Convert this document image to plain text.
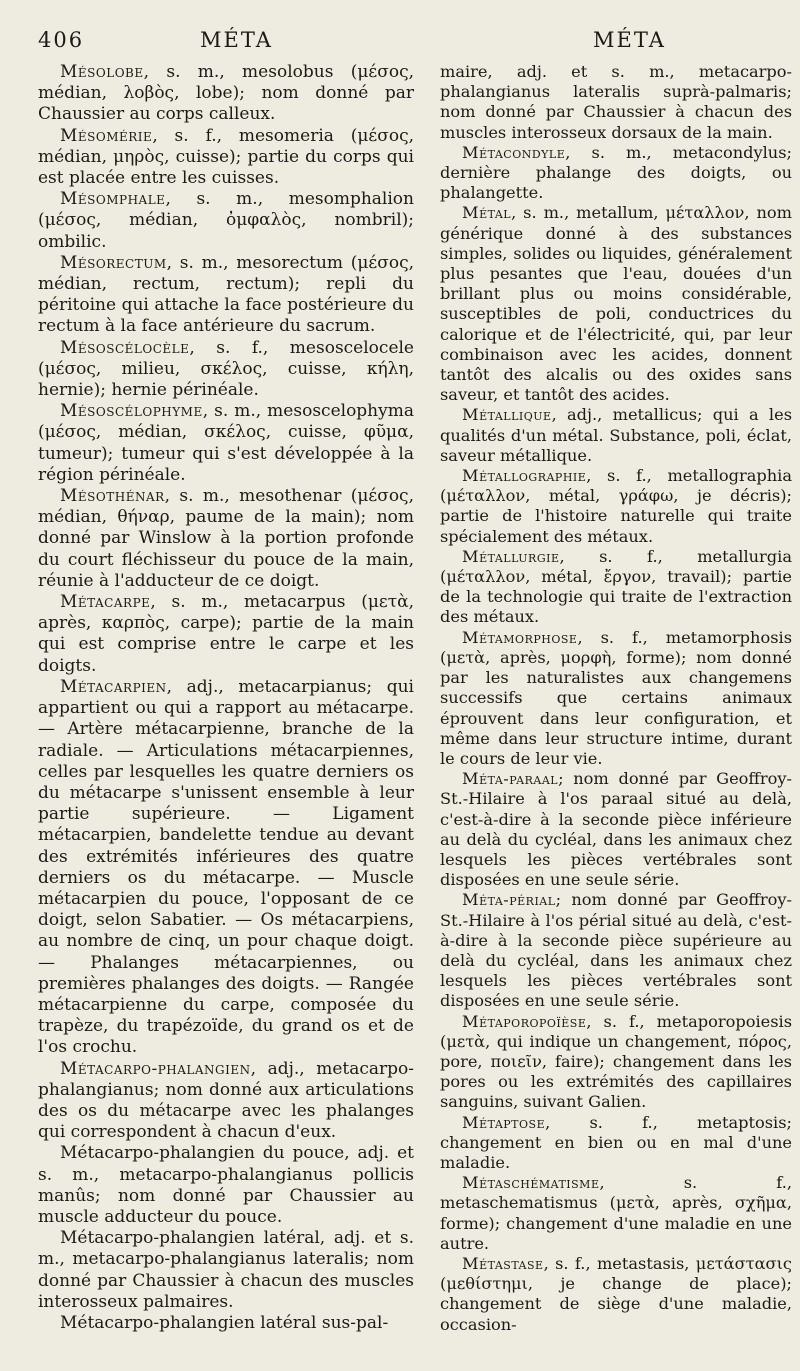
406	MÉTA	MÉTA

Mésolobe, s. m., mesolobus (μέσος, médian, λοβὸς, lobe); nom donné par Chaussier au corps calleux.

Mésomérie, s. f., mesomeria (μέσος, médian, μηρὸς, cuisse); partie du corps qui est placée entre les cuisses.

Mésomphale, s. m., mesomphalion (μέσος, médian, ὀμφαλὸς, nombril); ombilic.

Mésorectum, s. m., mesorectum (μέσος, médian, rectum, rectum); repli du péritoine qui attache la face postérieure du rectum à la face antérieure du sacrum.

Mésoscélocèle, s. f., mesoscelocele (μέσος, milieu, σκέλος, cuisse, κήλη, hernie); hernie périnéale.

Mésoscélophyme, s. m., mesoscelophyma (μέσος, médian, σκέλος, cuisse, φῦμα, tumeur); tumeur qui s'est développée à la région périnéale.

Mésothénar, s. m., mesothenar (μέσος, médian, θήναρ, paume de la main); nom donné par Winslow à la portion profonde du court fléchisseur du pouce de la main, réunie à l'adducteur de ce doigt.

Métacarpe, s. m., metacarpus (μετὰ, après, καρπὸς, carpe); partie de la main qui est comprise entre le carpe et les doigts.

Métacarpien, adj., metacarpianus; qui appartient ou qui a rapport au métacarpe. — Artère métacarpienne, branche de la radiale. — Articulations métacarpiennes, celles par lesquelles les quatre derniers os du métacarpe s'unissent ensemble à leur partie supérieure. — Ligament métacarpien, bandelette tendue au devant des extrémités inférieures des quatre derniers os du métacarpe. — Muscle métacarpien du pouce, l'opposant de ce doigt, selon Sabatier. — Os métacarpiens, au nombre de cinq, un pour chaque doigt. — Phalanges métacarpiennes, ou premières phalanges des doigts. — Rangée métacarpienne du carpe, composée du trapèze, du trapézoïde, du grand os et de l'os crochu.

Métacarpo-phalangien, adj., metacarpo-phalangianus; nom donné aux articulations des os du métacarpe avec les phalanges qui correspondent à chacun d'eux.

Métacarpo-phalangien du pouce, adj. et s. m., metacarpo-phalangianus pollicis manûs; nom donné par Chaussier au muscle adducteur du pouce.

Métacarpo-phalangien latéral, adj. et s. m., metacarpo-phalangianus lateralis; nom donné par Chaussier à chacun des muscles interosseux palmaires.

Métacarpo-phalangien latéral sus-pal-

maire, adj. et s. m., metacarpo-phalangianus lateralis suprà-palmaris; nom donné par Chaussier à chacun des muscles interosseux dorsaux de la main.

Métacondyle, s. m., metacondylus; dernière phalange des doigts, ou phalangette.

Métal, s. m., metallum, μέταλλον, nom générique donné à des substances simples, solides ou liquides, généralement plus pesantes que l'eau, douées d'un brillant plus ou moins considérable, susceptibles de poli, conductrices du calorique et de l'électricité, qui, par leur combinaison avec les acides, donnent tantôt des alcalis ou des oxides sans saveur, et tantôt des acides.

Métallique, adj., metallicus; qui a les qualités d'un métal. Substance, poli, éclat, saveur métallique.

Métallographie, s. f., metallographia (μέταλλον, métal, γράφω, je décris); partie de l'histoire naturelle qui traite spécialement des métaux.

Métallurgie, s. f., metallurgia (μέταλλον, métal, ἔργον, travail); partie de la technologie qui traite de l'extraction des métaux.

Métamorphose, s. f., metamorphosis (μετὰ, après, μορφὴ, forme); nom donné par les naturalistes aux changemens successifs que certains animaux éprouvent dans leur configuration, et même dans leur structure intime, durant le cours de leur vie.

Méta-paraal; nom donné par Geoffroy-St.-Hilaire à l'os paraal situé au delà, c'est-à-dire à la seconde pièce inférieure au delà du cycléal, dans les animaux chez lesquels les pièces vertébrales sont disposées en une seule série.

Méta-périal; nom donné par Geoffroy-St.-Hilaire à l'os périal situé au delà, c'est-à-dire à la seconde pièce supérieure au delà du cycléal, dans les animaux chez lesquels les pièces vertébrales sont disposées en une seule série.

Métaporopoïèse, s. f., metaporopoiesis (μετὰ, qui indique un changement, πόρος, pore, ποιεῖν, faire); changement dans les pores ou les extrémités des capillaires sanguins, suivant Galien.

Métaptose, s. f., metaptosis; changement en bien ou en mal d'une maladie.

Métaschématisme, s. f., metaschematismus (μετὰ, après, σχῆμα, forme); changement d'une maladie en une autre.

Métastase, s. f., metastasis, μετάστασις (μεθίστημι, je change de place); changement de siège d'une maladie, occasion-
